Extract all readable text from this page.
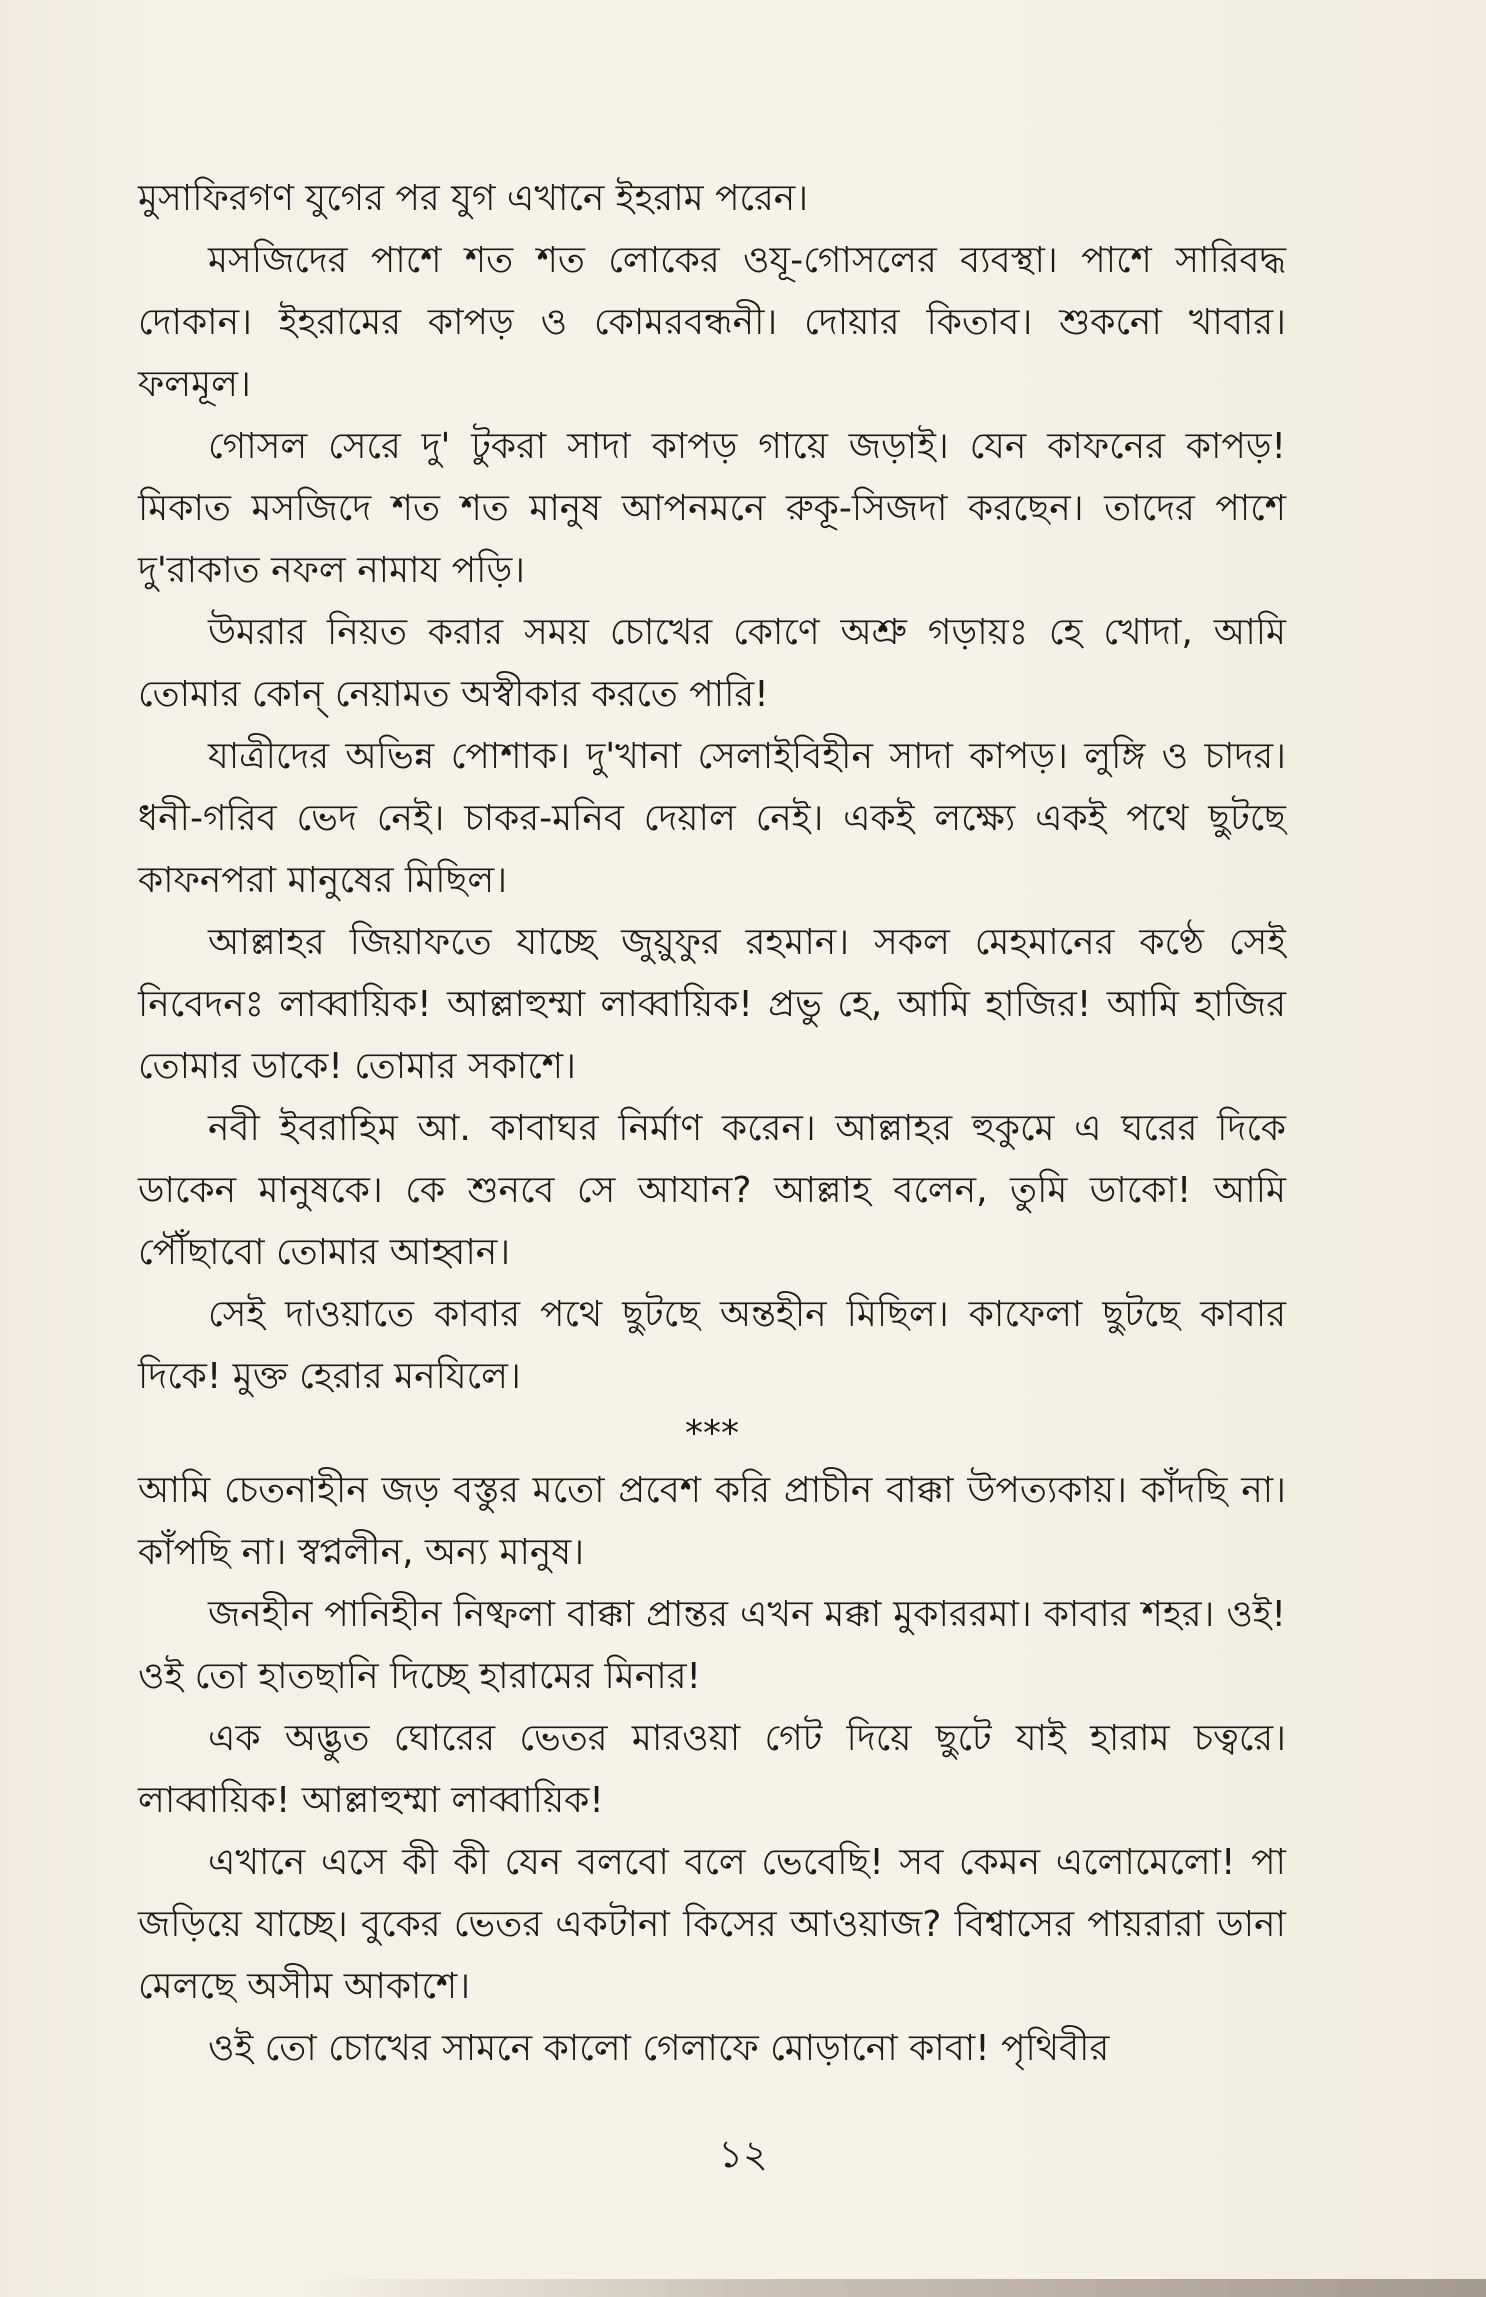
মুসাফিরগণ যুগের পর যুগ এখানে ইহরাম পরেন।

মসজিদের পাশে শত শত লোকের ওযূ-গোসলের ব্যবস্থা। পাশে সারিবদ্ধ দোকান। ইহরামের কাপড় ও কোমরবন্ধনী। দোয়ার কিতাব। শুকনো খাবার। ফলমূল।

গোসল সেরে দু' টুকরা সাদা কাপড় গায়ে জড়াই। যেন কাফনের কাপড়! মিকাত মসজিদে শত শত মানুষ আপনমনে রুকূ-সিজদা করছেন। তাদের পাশে দু'রাকাত নফল নামায পড়ি।

উমরার নিয়ত করার সময় চোখের কোণে অশ্রু গড়ায়ঃ হে খোদা, আমি তোমার কোন্ নেয়ামত অস্বীকার করতে পারি!

যাত্রীদের অভিন্ন পোশাক। দু'খানা সেলাইবিহীন সাদা কাপড়। লুঙ্গি ও চাদর। ধনী-গরিব ভেদ নেই। চাকর-মনিব দেয়াল নেই। একই লক্ষ্যে একই পথে ছুটছে কাফনপরা মানুষের মিছিল।

আল্লাহর জিয়াফতে যাচ্ছে জুয়ুফুর রহমান। সকল মেহমানের কণ্ঠে সেই নিবেদনঃ লাব্বায়িক! আল্লাহুম্মা লাব্বায়িক! প্রভু হে, আমি হাজির! আমি হাজির তোমার ডাকে! তোমার সকাশে।

নবী ইবরাহিম আ. কাবাঘর নির্মাণ করেন। আল্লাহর হুকুমে এ ঘরের দিকে ডাকেন মানুষকে। কে শুনবে সে আযান? আল্লাহ বলেন, তুমি ডাকো! আমি পৌঁছাবো তোমার আহ্বান।

সেই দাওয়াতে কাবার পথে ছুটছে অন্তহীন মিছিল। কাফেলা ছুটছে কাবার দিকে! মুক্ত হেরার মনযিলে।

***

আমি চেতনাহীন জড় বস্তুর মতো প্রবেশ করি প্রাচীন বাক্কা উপত্যকায়। কাঁদছি না। কাঁপছি না। স্বপ্নলীন, অন্য মানুষ।

জনহীন পানিহীন নিষ্ফলা বাক্কা প্রান্তর এখন মক্কা মুকাররমা। কাবার শহর। ওই! ওই তো হাতছানি দিচ্ছে হারামের মিনার!

এক অদ্ভুত ঘোরের ভেতর মারওয়া গেট দিয়ে ছুটে যাই হারাম চত্বরে। লাব্বায়িক! আল্লাহুম্মা লাব্বায়িক!

এখানে এসে কী কী যেন বলবো বলে ভেবেছি! সব কেমন এলোমেলো! পা জড়িয়ে যাচ্ছে। বুকের ভেতর একটানা কিসের আওয়াজ? বিশ্বাসের পায়রারা ডানা মেলছে অসীম আকাশে।

ওই তো চোখের সামনে কালো গেলাফে মোড়ানো কাবা! পৃথিবীর

১২
